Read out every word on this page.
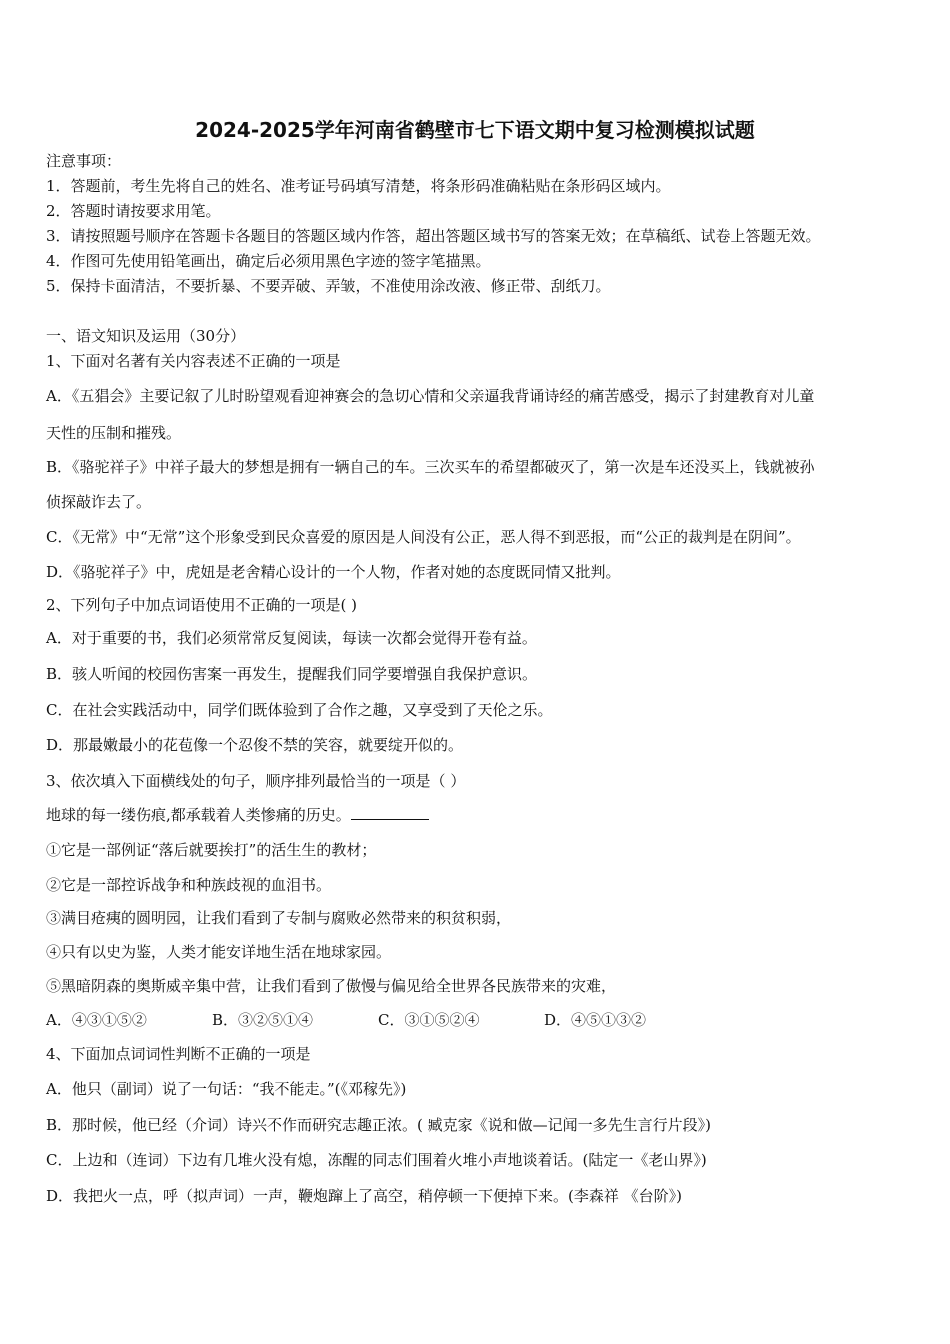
2024-2025学年河南省鹤壁市七下语文期中复习检测模拟试题
注意事项：
1．答题前，考生先将自己的姓名、准考证号码填写清楚，将条形码准确粘贴在条形码区域内。
2．答题时请按要求用笔。
3．请按照题号顺序在答题卡各题目的答题区域内作答，超出答题区域书写的答案无效；在草稿纸、试卷上答题无效。
4．作图可先使用铅笔画出，确定后必须用黑色字迹的签字笔描黑。
5．保持卡面清洁，不要折暴、不要弄破、弄皱，不准使用涂改液、修正带、刮纸刀。
一、语文知识及运用（30分）
1、下面对名著有关内容表述不正确的一项是
A．《五猖会》主要记叙了儿时盼望观看迎神赛会的急切心情和父亲逼我背诵诗经的痛苦感受，揭示了封建教育对儿童
天性的压制和摧残。
B．《骆驼祥子》中祥子最大的梦想是拥有一辆自己的车。三次买车的希望都破灭了，第一次是车还没买上，钱就被孙
侦探敲诈去了。
C．《无常》中“无常”这个形象受到民众喜爱的原因是人间没有公正，恶人得不到恶报，而“公正的裁判是在阴间”。
D．《骆驼祥子》中，虎妞是老舍精心设计的一个人物，作者对她的态度既同情又批判。
2、下列句子中加点词语使用不正确的一项是( )
A．对于重要的书，我们必须常常反复阅读，每读一次都会觉得开卷有益。
B．骇人听闻的校园伤害案一再发生，提醒我们同学要增强自我保护意识。
C．在社会实践活动中，同学们既体验到了合作之趣，又享受到了天伦之乐。
D．那最嫩最小的花苞像一个忍俊不禁的笑容，就要绽开似的。
3、依次填入下面横线处的句子，顺序排列最恰当的一项是（ ）
地球的每一缕伤痕,都承载着人类惨痛的历史。
①它是一部例证“落后就要挨打”的活生生的教材；
②它是一部控诉战争和种族歧视的血泪书。
③满目疮痍的圆明园，让我们看到了专制与腐败必然带来的积贫积弱，
④只有以史为鉴，人类才能安详地生活在地球家园。
⑤黑暗阴森的奥斯威辛集中营，让我们看到了傲慢与偏见给全世界各民族带来的灾难，
A．④③①⑤②	B．③②⑤①④	C．③①⑤②④	D．④⑤①③②
4、下面加点词词性判断不正确的一项是
A．他只（副词）说了一句话：“我不能走。”(《邓稼先》)
B．那时候，他已经（介词）诗兴不作而研究志趣正浓。( 臧克家《说和做—记闻一多先生言行片段》)
C．上边和（连词）下边有几堆火没有熄，冻醒的同志们围着火堆小声地谈着话。(陆定一《老山界》)
D．我把火一点，呼（拟声词）一声，鞭炮蹿上了高空，稍停顿一下便掉下来。(李森祥 《台阶》)
